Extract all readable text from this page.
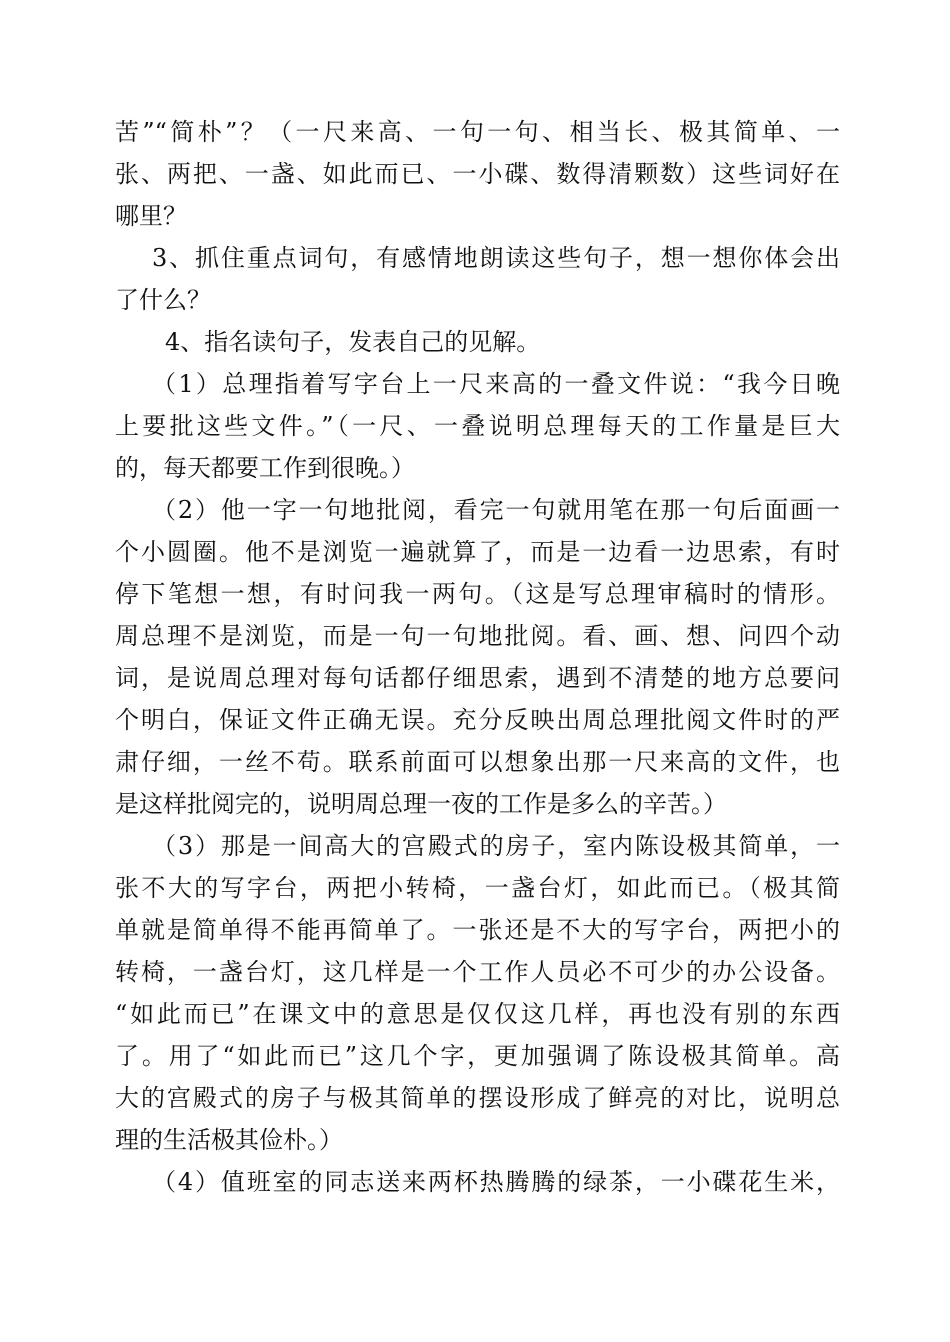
苦”“简朴”？（一尺来高、一句一句、相当长、极其简单、一
张、两把、一盏、如此而已、一小碟、数得清颗数）这些词好在
哪里？
3、抓住重点词句，有感情地朗读这些句子，想一想你体会出
了什么？
4、指名读句子，发表自己的见解。
（1）总理指着写字台上一尺来高的一叠文件说：“我今日晚
上要批这些文件。”（一尺、一叠说明总理每天的工作量是巨大
的，每天都要工作到很晚。）
（2）他一字一句地批阅，看完一句就用笔在那一句后面画一
个小圆圈。他不是浏览一遍就算了，而是一边看一边思索，有时
停下笔想一想，有时问我一两句。（这是写总理审稿时的情形。
周总理不是浏览，而是一句一句地批阅。看、画、想、问四个动
词，是说周总理对每句话都仔细思索，遇到不清楚的地方总要问
个明白，保证文件正确无误。充分反映出周总理批阅文件时的严
肃仔细，一丝不苟。联系前面可以想象出那一尺来高的文件，也
是这样批阅完的，说明周总理一夜的工作是多么的辛苦。）
（3）那是一间高大的宫殿式的房子，室内陈设极其简单，一
张不大的写字台，两把小转椅，一盏台灯，如此而已。（极其简
单就是简单得不能再简单了。一张还是不大的写字台，两把小的
转椅，一盏台灯，这几样是一个工作人员必不可少的办公设备。
“如此而已”在课文中的意思是仅仅这几样，再也没有别的东西
了。用了“如此而已”这几个字，更加强调了陈设极其简单。高
大的宫殿式的房子与极其简单的摆设形成了鲜亮的对比，说明总
理的生活极其俭朴。）
（4）值班室的同志送来两杯热腾腾的绿茶，一小碟花生米，
